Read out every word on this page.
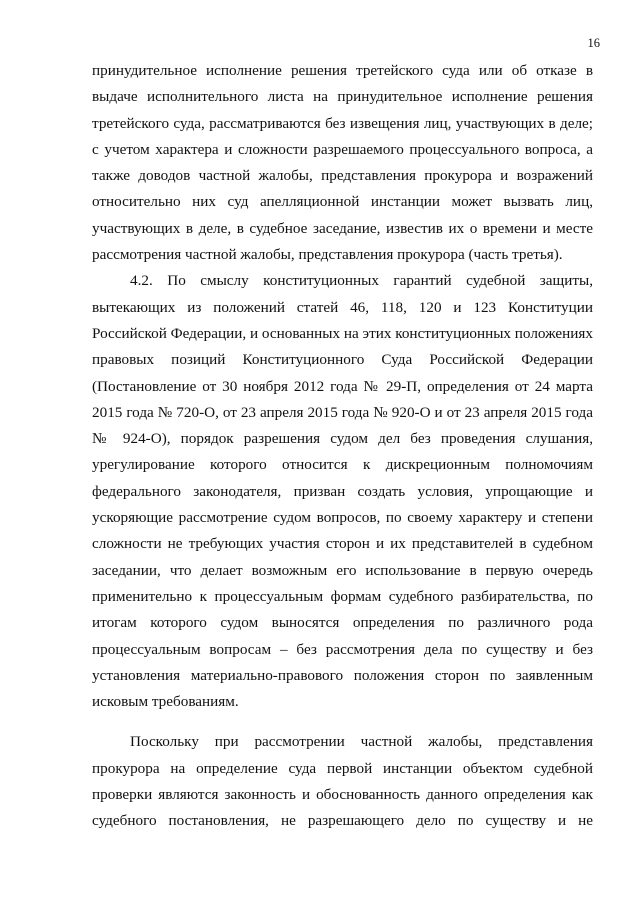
16

принудительное исполнение решения третейского суда или об отказе в выдаче исполнительного листа на принудительное исполнение решения третейского суда, рассматриваются без извещения лиц, участвующих в деле; с учетом характера и сложности разрешаемого процессуального вопроса, а также доводов частной жалобы, представления прокурора и возражений относительно них суд апелляционной инстанции может вызвать лиц, участвующих в деле, в судебное заседание, известив их о времени и месте рассмотрения частной жалобы, представления прокурора (часть третья).

4.2. По смыслу конституционных гарантий судебной защиты, вытекающих из положений статей 46, 118, 120 и 123 Конституции Российской Федерации, и основанных на этих конституционных положениях правовых позиций Конституционного Суда Российской Федерации (Постановление от 30 ноября 2012 года № 29-П, определения от 24 марта 2015 года № 720-О, от 23 апреля 2015 года № 920-О и от 23 апреля 2015 года № 924-О), порядок разрешения судом дел без проведения слушания, урегулирование которого относится к дискреционным полномочиям федерального законодателя, призван создать условия, упрощающие и ускоряющие рассмотрение судом вопросов, по своему характеру и степени сложности не требующих участия сторон и их представителей в судебном заседании, что делает возможным его использование в первую очередь применительно к процессуальным формам судебного разбирательства, по итогам которого судом выносятся определения по различного рода процессуальным вопросам – без рассмотрения дела по существу и без установления материально-правового положения сторон по заявленным исковым требованиям.

Поскольку при рассмотрении частной жалобы, представления прокурора на определение суда первой инстанции объектом судебной проверки являются законность и обоснованность данного определения как судебного постановления, не разрешающего дело по существу и не
